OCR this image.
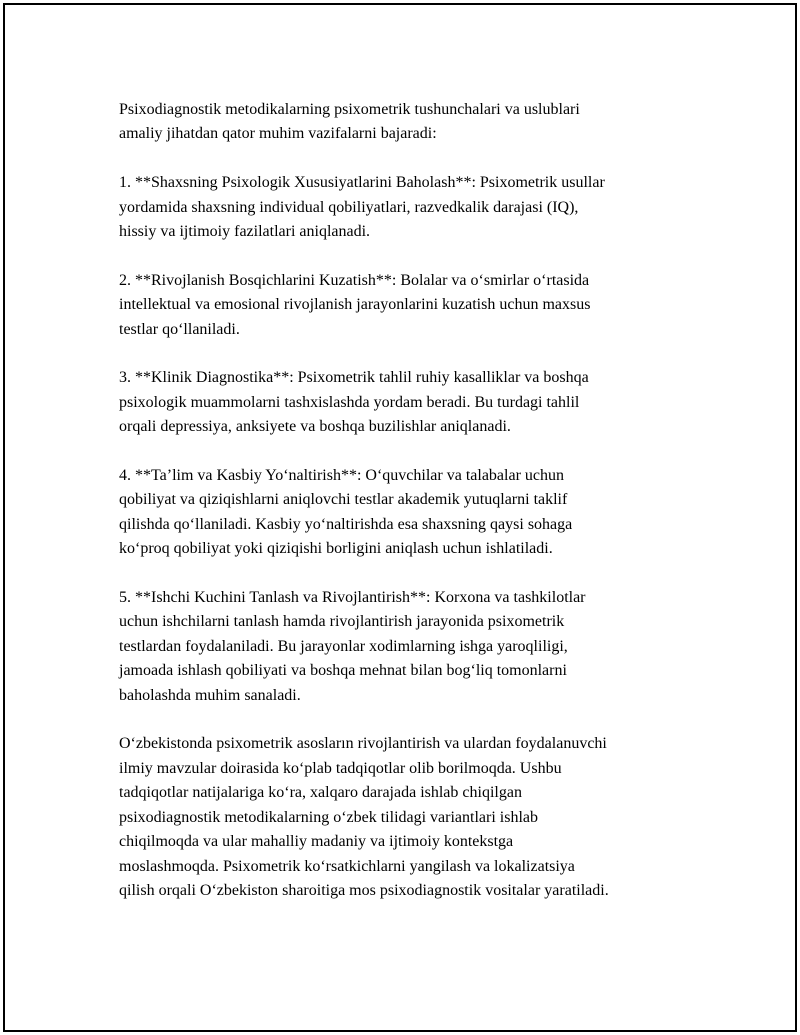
Psixodiagnostik metodikalarning psixometrik tushunchalari va uslublari
amaliy jihatdan qator muhim vazifalarni bajaradi:

1. **Shaxsning Psixologik Xususiyatlarini Baholash**: Psixometrik usullar
yordamida shaxsning individual qobiliyatlari, razvedkalik darajasi (IQ),
hissiy va ijtimoiy fazilatlari aniqlanadi.

2. **Rivojlanish Bosqichlarini Kuzatish**: Bolalar va o‘smirlar o‘rtasida
intellektual va emosional rivojlanish jarayonlarini kuzatish uchun maxsus
testlar qo‘llaniladi.

3. **Klinik Diagnostika**: Psixometrik tahlil ruhiy kasalliklar va boshqa
psixologik muammolarni tashxislashda yordam beradi. Bu turdagi tahlil
orqali depressiya, anksiyete va boshqa buzilishlar aniqlanadi.

4. **Ta’lim va Kasbiy Yo‘naltirish**: O‘quvchilar va talabalar uchun
qobiliyat va qiziqishlarni aniqlovchi testlar akademik yutuqlarni taklif
qilishda qo‘llaniladi. Kasbiy yo‘naltirishda esa shaxsning qaysi sohaga
ko‘proq qobiliyat yoki qiziqishi borligini aniqlash uchun ishlatiladi.

5. **Ishchi Kuchini Tanlash va Rivojlantirish**: Korxona va tashkilotlar
uchun ishchilarni tanlash hamda rivojlantirish jarayonida psixometrik
testlardan foydalaniladi. Bu jarayonlar xodimlarning ishga yaroqliligi,
jamoada ishlash qobiliyati va boshqa mehnat bilan bog‘liq tomonlarni
baholashda muhim sanaladi.

O‘zbekistonda psixometrik asosların rivojlantirish va ulardan foydalanuvchi
ilmiy mavzular doirasida ko‘plab tadqiqotlar olib borilmoqda. Ushbu
tadqiqotlar natijalariga ko‘ra, xalqaro darajada ishlab chiqilgan
psixodiagnostik metodikalarning o‘zbek tilidagi variantlari ishlab
chiqilmoqda va ular mahalliy madaniy va ijtimoiy kontekstga
moslashmoqda. Psixometrik ko‘rsatkichlarni yangilash va lokalizatsiya
qilish orqali O‘zbekiston sharoitiga mos psixodiagnostik vositalar yaratiladi.
